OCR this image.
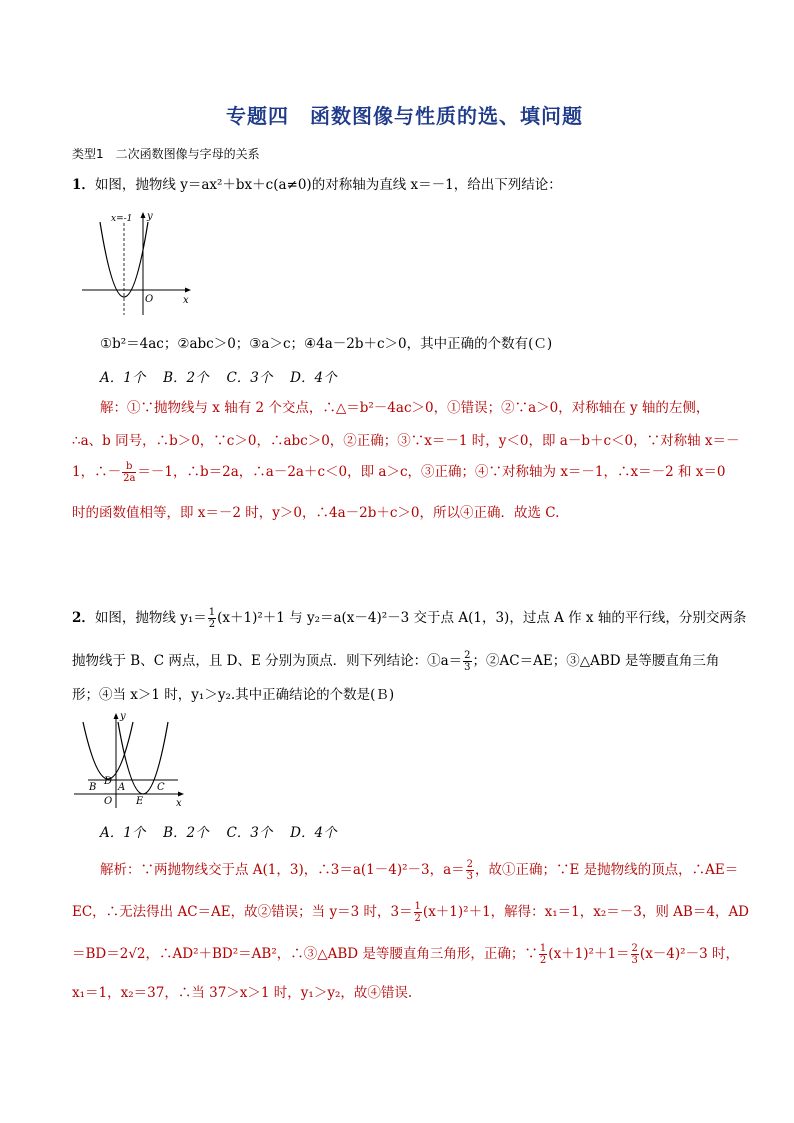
专题四　函数图像与性质的选、填问题
类型1　二次函数图像与字母的关系
1．如图，抛物线 y＝ax²＋bx＋c(a≠0)的对称轴为直线 x＝－1，给出下列结论：
x=-1 y
x
O
①b²＝4ac；②abc＞0；③a＞c；④4a－2b＋c＞0，其中正确的个数有(Ｃ)
A．1个　 B．2个　 C．3个　 D．4个
解：①∵抛物线与 x 轴有 2 个交点，∴△＝b²－4ac＞0，①错误；②∵a＞0，对称轴在 y 轴的左侧，
∴a、b 同号，∴b＞0，∵c＞0，∴abc＞0，②正确；③∵x＝－1 时，y＜0，即 a－b＋c＜0，∵对称轴 x＝－
1，∴－ $\frac{b}{2a} =-1$，∴b＝2a，∴a－2a＋c＜0，即 a＞c，③正确；④∵对称轴为 x＝－1，∴x＝－2 和 x＝0
时的函数值相等，即 x＝－2 时，y＞0，∴4a－2b＋c＞0，所以④正确．故选 C.
2．如图，抛物线 $y_1= \frac{1}{2} (x+1)^2+1$ 与 y₂＝a(x－4)²－3 交于点 A(1，3)，过点 A 作 x 轴的平行线，分别交两条
抛物线于 B、C 两点，且 D、E 分别为顶点．则下列结论：①a＝ $\frac{2}{3}$ ；②AC＝AE；③△ABD 是等腰直角三角
形；④当 x＞1 时，y₁＞y₂.其中正确结论的个数是(Ｂ)
y
x
B
D
A	C
O E
A．1个　 B．2个　 C．3个　 D．4个
解析：∵两抛物线交于点 A(1，3)，∴3＝a(1－4)²－3，$a= \frac{2}{3}$ ，故①正确；∵E 是抛物线的顶点，∴AE＝
EC，∴无法得出 AC＝AE，故②错误；当 y＝3 时，$3= \frac{1}{2} (x+1)^2+1$，解得：x₁＝1，x₂＝－3，则 AB＝4，AD
＝BD＝2√2，∴AD²＋BD²＝AB²，∴③△ABD 是等腰直角三角形，正确；∵ $\frac{1}{2} (x+1)^2+1= \frac{2}{3} (x-4)^2-3$ 时，
x₁＝1，x₂＝37，∴当 37＞x＞1 时，y₁＞y₂，故④错误.
